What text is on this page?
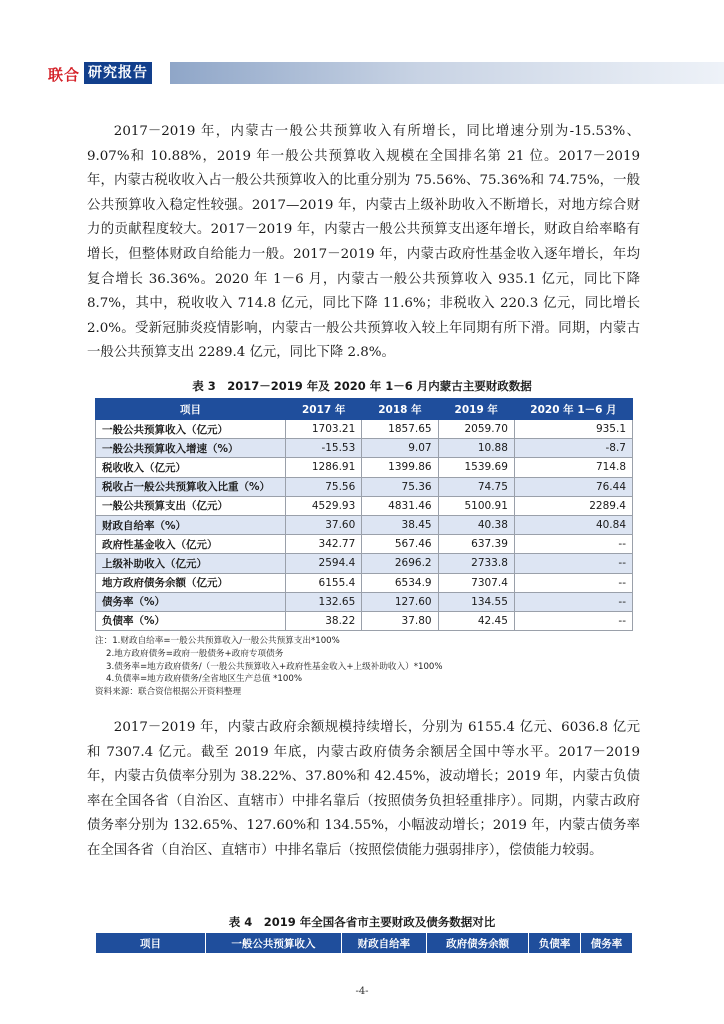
联合 研究报告

2017－2019 年，内蒙古一般公共预算收入有所增长，同比增速分别为-15.53%、9.07%和 10.88%，2019 年一般公共预算收入规模在全国排名第 21 位。2017－2019 年，内蒙古税收收入占一般公共预算收入的比重分别为 75.56%、75.36%和 74.75%，一般公共预算收入稳定性较强。2017—2019 年，内蒙古上级补助收入不断增长，对地方综合财力的贡献程度较大。2017－2019 年，内蒙古一般公共预算支出逐年增长，财政自给率略有增长，但整体财政自给能力一般。2017－2019 年，内蒙古政府性基金收入逐年增长，年均复合增长 36.36%。2020 年 1－6 月，内蒙古一般公共预算收入 935.1 亿元，同比下降 8.7%，其中，税收收入 714.8 亿元，同比下降 11.6%；非税收入 220.3 亿元，同比增长 2.0%。受新冠肺炎疫情影响，内蒙古一般公共预算收入较上年同期有所下滑。同期，内蒙古一般公共预算支出 2289.4 亿元，同比下降 2.8%。

表 3　2017－2019 年及 2020 年 1－6 月内蒙古主要财政数据
项目	2017 年	2018 年	2019 年	2020 年 1－6 月
一般公共预算收入（亿元）	1703.21	1857.65	2059.70	935.1
一般公共预算收入增速（%）	-15.53	9.07	10.88	-8.7
税收收入（亿元）	1286.91	1399.86	1539.69	714.8
税收占一般公共预算收入比重（%）	75.56	75.36	74.75	76.44
一般公共预算支出（亿元）	4529.93	4831.46	5100.91	2289.4
财政自给率（%）	37.60	38.45	40.38	40.84
政府性基金收入（亿元）	342.77	567.46	637.39	--
上级补助收入（亿元）	2594.4	2696.2	2733.8	--
地方政府债务余额（亿元）	6155.4	6534.9	7307.4	--
债务率（%）	132.65	127.60	134.55	--
负债率（%）	38.22	37.80	42.45	--
注：1.财政自给率=一般公共预算收入/一般公共预算支出*100%
2.地方政府债务=政府一般债务+政府专项债务
3.债务率=地方政府债务/（一般公共预算收入+政府性基金收入+上级补助收入）*100%
4.负债率=地方政府债务/全省地区生产总值 *100%
资料来源：联合资信根据公开资料整理

2017－2019 年，内蒙古政府余额规模持续增长，分别为 6155.4 亿元、6036.8 亿元和 7307.4 亿元。截至 2019 年底，内蒙古政府债务余额居全国中等水平。2017－2019 年，内蒙古负债率分别为 38.22%、37.80%和 42.45%，波动增长；2019 年，内蒙古负债率在全国各省（自治区、直辖市）中排名靠后（按照债务负担轻重排序）。同期，内蒙古政府债务率分别为 132.65%、127.60%和 134.55%，小幅波动增长；2019 年，内蒙古债务率在全国各省（自治区、直辖市）中排名靠后（按照偿债能力强弱排序），偿债能力较弱。

表 4　2019 年全国各省市主要财政及债务数据对比
项目	一般公共预算收入	财政自给率	政府债务余额	负债率	债务率
-4-
